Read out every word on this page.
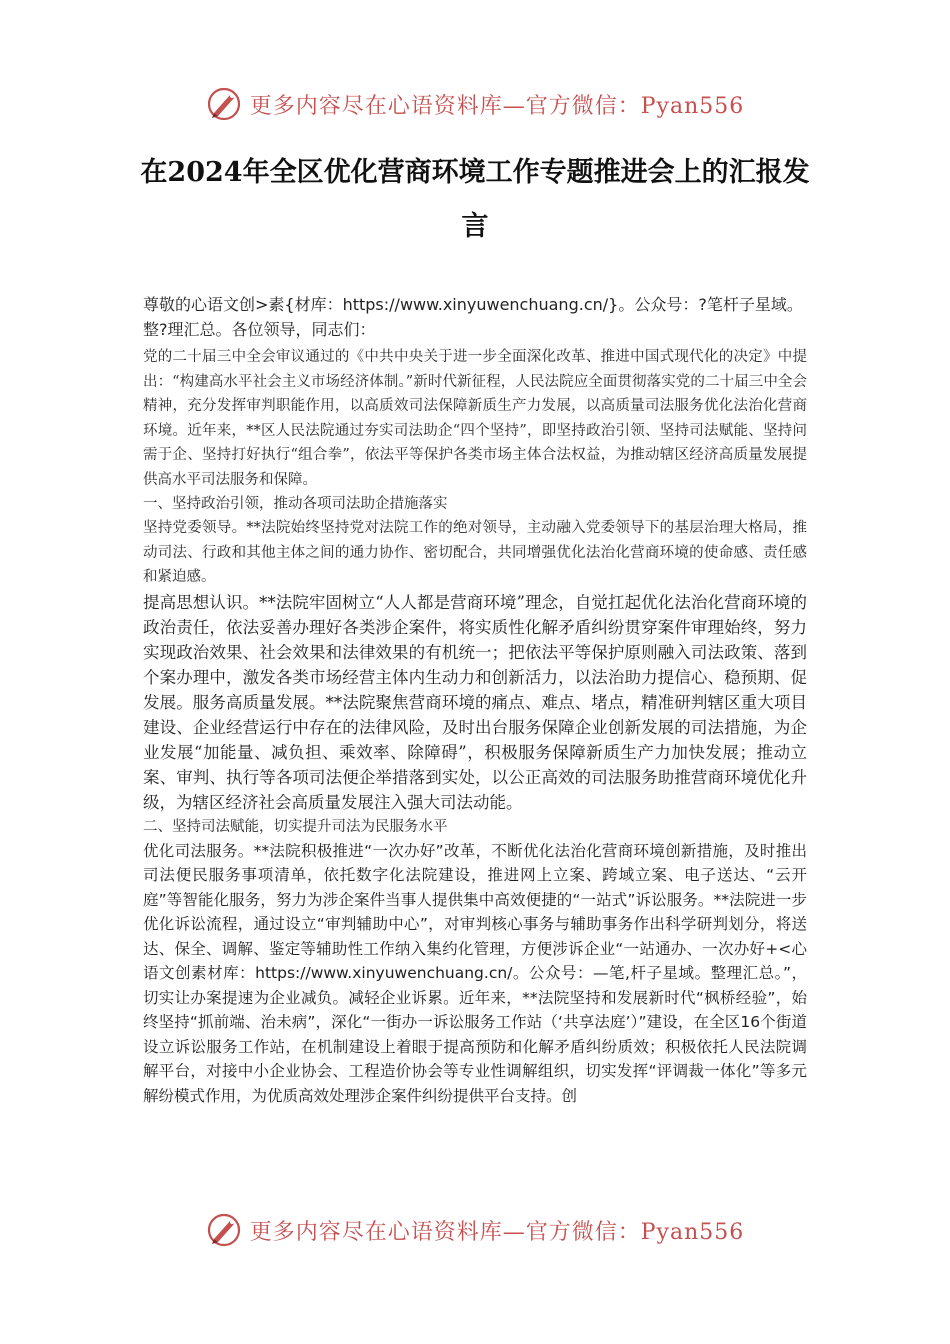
更多内容尽在心语资料库—官方微信：Pyan556
在2024年全区优化营商环境工作专题推进会上的汇报发言

尊敬的心语文创>素{材库：https://www.xinyuwenchuang.cn/}。公众号：?笔杆子星域。整?理汇总。各位领导，同志们：

党的二十届三中全会审议通过的《中共中央关于进一步全面深化改革、推进中国式现代化的决定》中提出：“构建高水平社会主义市场经济体制。”新时代新征程，人民法院应全面贯彻落实党的二十届三中全会精神，充分发挥审判职能作用，以高质效司法保障新质生产力发展，以高质量司法服务优化法治化营商环境。近年来，**区人民法院通过夯实司法助企“四个坚持”，即坚持政治引领、坚持司法赋能、坚持问需于企、坚持打好执行“组合拳”，依法平等保护各类市场主体合法权益，为推动辖区经济高质量发展提供高水平司法服务和保障。

一、坚持政治引领，推动各项司法助企措施落实

坚持党委领导。**法院始终坚持党对法院工作的绝对领导，主动融入党委领导下的基层治理大格局，推动司法、行政和其他主体之间的通力协作、密切配合，共同增强优化法治化营商环境的使命感、责任感和紧迫感。

提高思想认识。**法院牢固树立“人人都是营商环境”理念，自觉扛起优化法治化营商环境的政治责任，依法妥善办理好各类涉企案件，将实质性化解矛盾纠纷贯穿案件审理始终，努力实现政治效果、社会效果和法律效果的有机统一；把依法平等保护原则融入司法政策、落到个案办理中，激发各类市场经营主体内生动力和创新活力，以法治助力提信心、稳预期、促发展。服务高质量发展。**法院聚焦营商环境的痛点、难点、堵点，精准研判辖区重大项目建设、企业经营运行中存在的法律风险，及时出台服务保障企业创新发展的司法措施，为企业发展“加能量、减负担、乘效率、除障碍”，积极服务保障新质生产力加快发展；推动立案、审判、执行等各项司法便企举措落到实处，以公正高效的司法服务助推营商环境优化升级，为辖区经济社会高质量发展注入强大司法动能。

二、坚持司法赋能，切实提升司法为民服务水平

优化司法服务。**法院积极推进“一次办好”改革，不断优化法治化营商环境创新措施，及时推出司法便民服务事项清单，依托数字化法院建设，推进网上立案、跨域立案、电子送达、“云开庭”等智能化服务，努力为涉企案件当事人提供集中高效便捷的“一站式”诉讼服务。**法院进一步优化诉讼流程，通过设立“审判辅助中心”，对审判核心事务与辅助事务作出科学研判划分，将送达、保全、调解、鉴定等辅助性工作纳入集约化管理，方便涉诉企业“一站通办、一次办好+<心语文创素材库：https://www.xinyuwenchuang.cn/。公众号：—笔,杆子星域。整理汇总。”，切实让办案提速为企业减负。减轻企业诉累。近年来，**法院坚持和发展新时代“枫桥经验”，始终坚持“抓前端、治未病”，深化“一街办一诉讼服务工作站（‘共享法庭’）”建设，在全区16个街道设立诉讼服务工作站，在机制建设上着眼于提高预防和化解矛盾纠纷质效；积极依托人民法院调解平台，对接中小企业协会、工程造价协会等专业性调解组织，切实发挥“评调裁一体化”等多元解纷模式作用，为优质高效处理涉企案件纠纷提供平台支持。创

更多内容尽在心语资料库—官方微信：Pyan556
